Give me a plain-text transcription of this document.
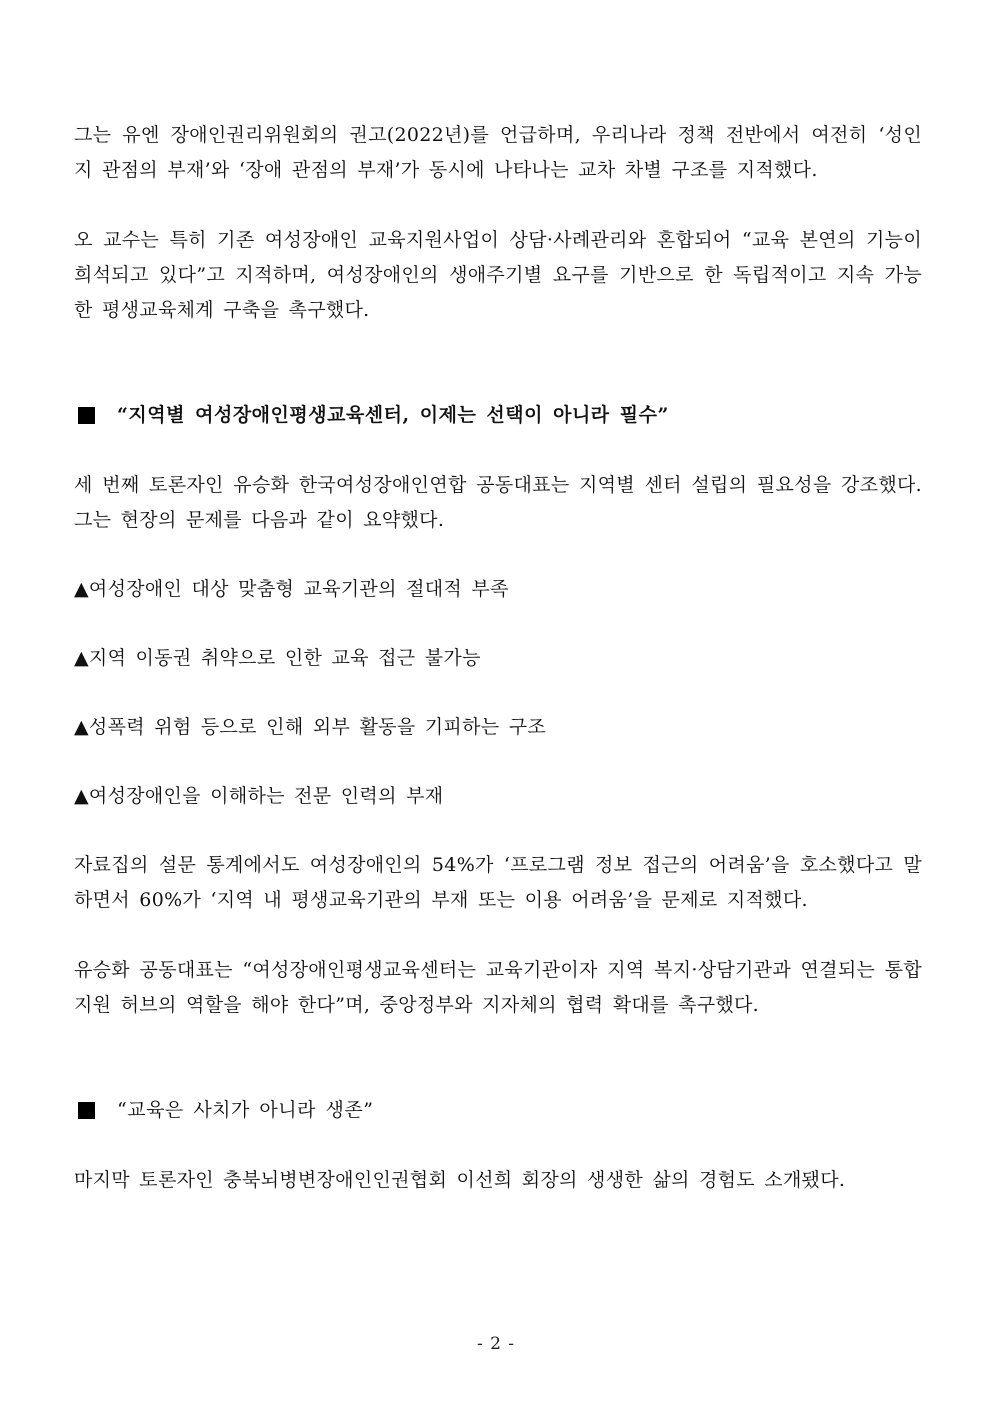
그는 유엔 장애인권리위원회의 권고(2022년)를 언급하며, 우리나라 정책 전반에서 여전히 ‘성인지 관점의 부재’와 ‘장애 관점의 부재’가 동시에 나타나는 교차 차별 구조를 지적했다.

오 교수는 특히 기존 여성장애인 교육지원사업이 상담·사례관리와 혼합되어 “교육 본연의 기능이 희석되고 있다”고 지적하며, 여성장애인의 생애주기별 요구를 기반으로 한 독립적이고 지속 가능한 평생교육체계 구축을 촉구했다.

“지역별 여성장애인평생교육센터, 이제는 선택이 아니라 필수”

세 번째 토론자인 유승화 한국여성장애인연합 공동대표는 지역별 센터 설립의 필요성을 강조했다. 그는 현장의 문제를 다음과 같이 요약했다.

▲여성장애인 대상 맞춤형 교육기관의 절대적 부족

▲지역 이동권 취약으로 인한 교육 접근 불가능

▲성폭력 위험 등으로 인해 외부 활동을 기피하는 구조

▲여성장애인을 이해하는 전문 인력의 부재

자료집의 설문 통계에서도 여성장애인의 54%가 ‘프로그램 정보 접근의 어려움’을 호소했다고 말하면서 60%가 ‘지역 내 평생교육기관의 부재 또는 이용 어려움’을 문제로 지적했다.

유승화 공동대표는 “여성장애인평생교육센터는 교육기관이자 지역 복지·상담기관과 연결되는 통합 지원 허브의 역할을 해야 한다”며, 중앙정부와 지자체의 협력 확대를 촉구했다.

“교육은 사치가 아니라 생존”

마지막 토론자인 충북뇌병변장애인인권협회 이선희 회장의 생생한 삶의 경험도 소개됐다.

- 2 -
